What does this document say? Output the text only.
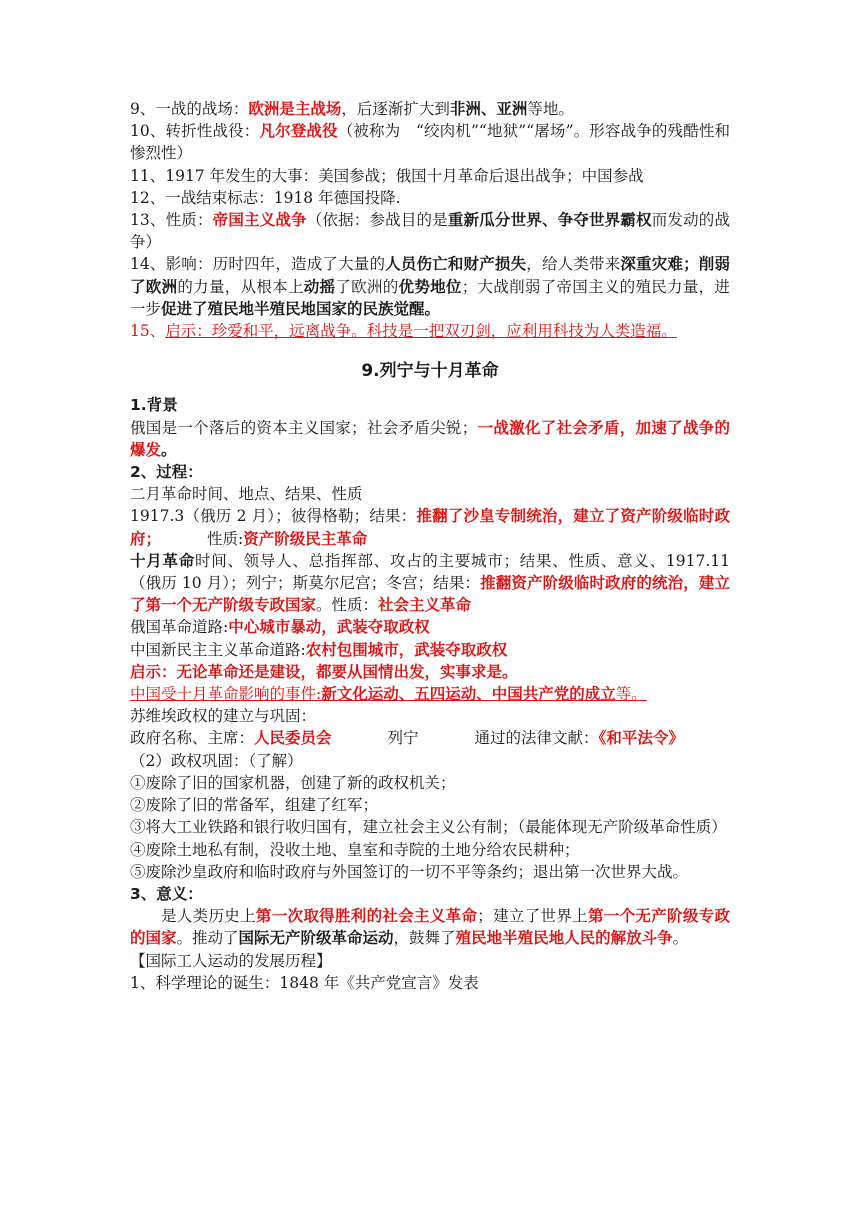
9、一战的战场：欧洲是主战场，后逐渐扩大到非洲、亚洲等地。

10、转折性战役：凡尔登战役（被称为　“绞肉机”“地狱”“屠场”。形容战争的残酷性和惨烈性）

11、1917 年发生的大事：美国参战；俄国十月革命后退出战争；中国参战

12、一战结束标志：1918 年德国投降.

13、性质：帝国主义战争（依据：参战目的是重新瓜分世界、争夺世界霸权而发动的战争）

14、影响：历时四年，造成了大量的人员伤亡和财产损失，给人类带来深重灾难；削弱了欧洲的力量，从根本上动摇了欧洲的优势地位；大战削弱了帝国主义的殖民力量，进一步促进了殖民地半殖民地国家的民族觉醒。

15、启示：珍爱和平，远离战争。科技是一把双刃剑，应利用科技为人类造福。

9.列宁与十月革命

1.背景

俄国是一个落后的资本主义国家；社会矛盾尖锐；一战激化了社会矛盾，加速了战争的爆发。

2、过程：

二月革命时间、地点、结果、性质

1917.3（俄历 2 月）；彼得格勒；结果：推翻了沙皇专制统治，建立了资产阶级临时政府；	性质:资产阶级民主革命

十月革命时间、领导人、总指挥部、攻占的主要城市；结果、性质、意义、1917.11（俄历 10 月）；列宁；斯莫尔尼宫；冬宫；结果：推翻资产阶级临时政府的统治，建立了第一个无产阶级专政国家。性质：社会主义革命

俄国革命道路:中心城市暴动，武装夺取政权

中国新民主主义革命道路:农村包围城市，武装夺取政权

启示：无论革命还是建设，都要从国情出发，实事求是。

中国受十月革命影响的事件:新文化运动、五四运动、中国共产党的成立等。

苏维埃政权的建立与巩固：

政府名称、主席：人民委员会	列宁	通过的法律文献：《和平法令》

（2）政权巩固：（了解）

①废除了旧的国家机器，创建了新的政权机关；

②废除了旧的常备军，组建了红军；

③将大工业铁路和银行收归国有，建立社会主义公有制；（最能体现无产阶级革命性质）

④废除土地私有制，没收土地、皇室和寺院的土地分给农民耕种；

⑤废除沙皇政府和临时政府与外国签订的一切不平等条约；退出第一次世界大战。

3、意义：

是人类历史上第一次取得胜利的社会主义革命；建立了世界上第一个无产阶级专政的国家。推动了国际无产阶级革命运动，鼓舞了殖民地半殖民地人民的解放斗争。

【国际工人运动的发展历程】

1、科学理论的诞生：1848 年《共产党宣言》发表
